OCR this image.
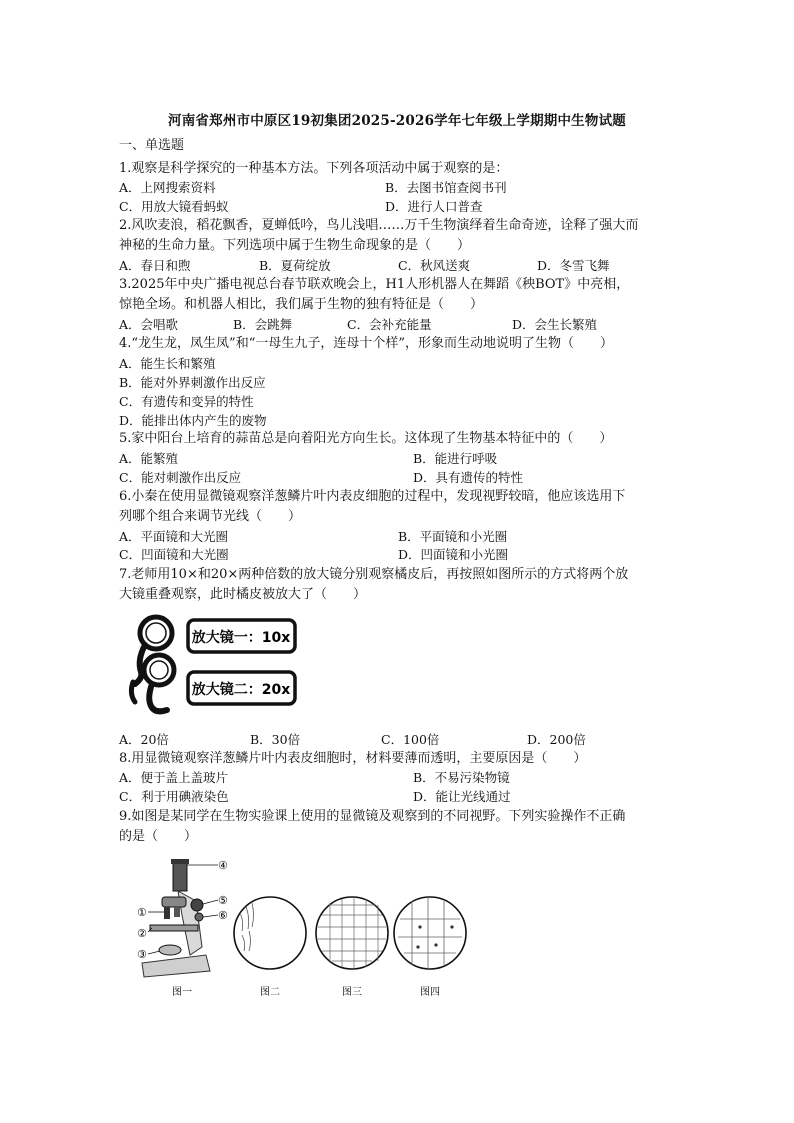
河南省郑州市中原区19初集团2025-2026学年七年级上学期期中生物试题
一、单选题
1.观察是科学探究的一种基本方法。下列各项活动中属于观察的是：
A．上网搜索资料	B．去图书馆查阅书刊
C．用放大镜看蚂蚁	D．进行人口普查
2.风吹麦浪，稻花飘香，夏蝉低吟，鸟儿浅唱……万千生物演绎着生命奇迹，诠释了强大而
神秘的生命力量。下列选项中属于生物生命现象的是（　　）
A．春日和煦	B．夏荷绽放	C．秋风送爽	D．冬雪飞舞
3.2025年中央广播电视总台春节联欢晚会上，H1人形机器人在舞蹈《秧BOT》中亮相，
惊艳全场。和机器人相比，我们属于生物的独有特征是（　　）
A．会唱歌	B．会跳舞	C．会补充能量	D．会生长繁殖
4.“龙生龙，凤生凤”和“一母生九子，连母十个样”，形象而生动地说明了生物（　　）
A．能生长和繁殖
B．能对外界刺激作出反应
C．有遗传和变异的特性
D．能排出体内产生的废物
5.家中阳台上培育的蒜苗总是向着阳光方向生长。这体现了生物基本特征中的（　　）
A．能繁殖	B．能进行呼吸
C．能对刺激作出反应	D．具有遗传的特性
6.小秦在使用显微镜观察洋葱鳞片叶内表皮细胞的过程中，发现视野较暗，他应该选用下
列哪个组合来调节光线（　　）
A．平面镜和大光圈	B．平面镜和小光圈
C．凹面镜和大光圈	D．凹面镜和小光圈
7.老师用10×和20×两种倍数的放大镜分别观察橘皮后，再按照如图所示的方式将两个放
大镜重叠观察，此时橘皮被放大了（　　）
放大镜一：10x
放大镜二：20x
A．20倍	B．30倍	C．100倍	D．200倍
8.用显微镜观察洋葱鳞片叶内表皮细胞时，材料要薄而透明，主要原因是（　　）
A．便于盖上盖玻片	B．不易污染物镜
C．利于用碘液染色	D．能让光线通过
9.如图是某同学在生物实验课上使用的显微镜及观察到的不同视野。下列实验操作不正确
的是（　　）
①
②
③
④
⑤
⑥
图一	图二	图三	图四
